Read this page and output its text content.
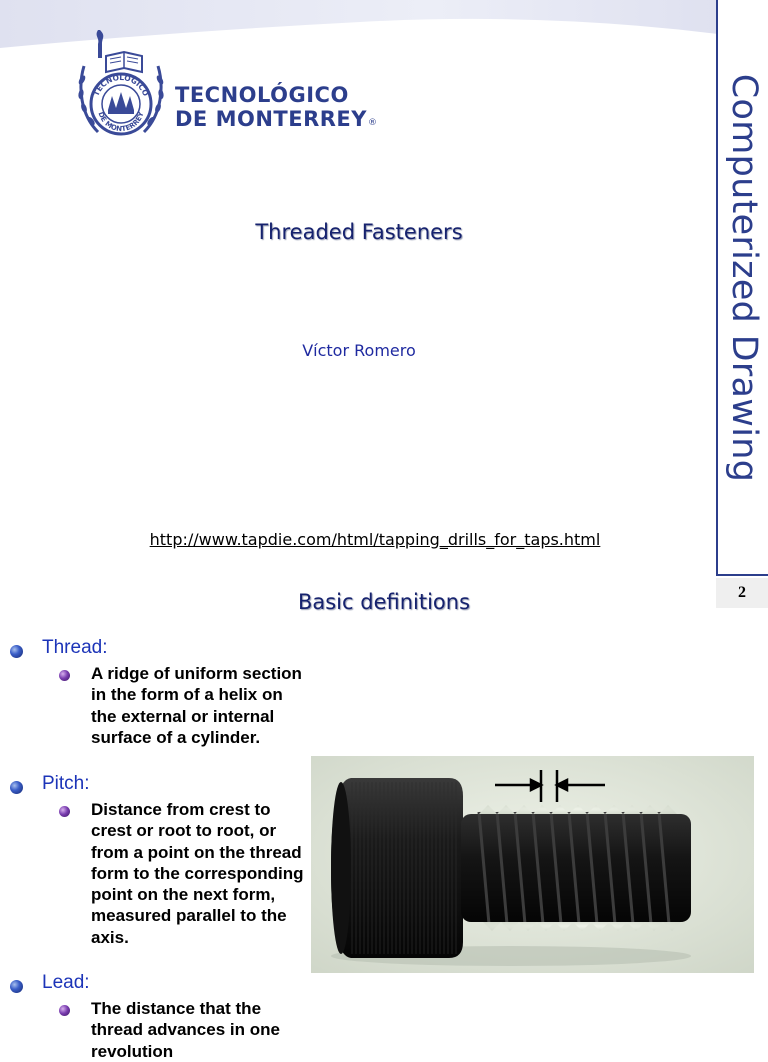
TECNOLOGICO
DE MONTERREY
TECNOLÓGICO
DE MONTERREY®
Threaded Fasteners
Víctor Romero
http://www.tapdie.com/html/tapping_drills_for_taps.html
Computerized Drawing
2
Basic definitions
Thread:
A ridge of uniform section in the form of a helix on the external or internal surface of a cylinder.
Pitch:
Distance from crest to crest or root to root, or from a point on the thread form to the corresponding point on the next form, measured parallel to the axis.
Lead:
The distance that the thread advances in one revolution
